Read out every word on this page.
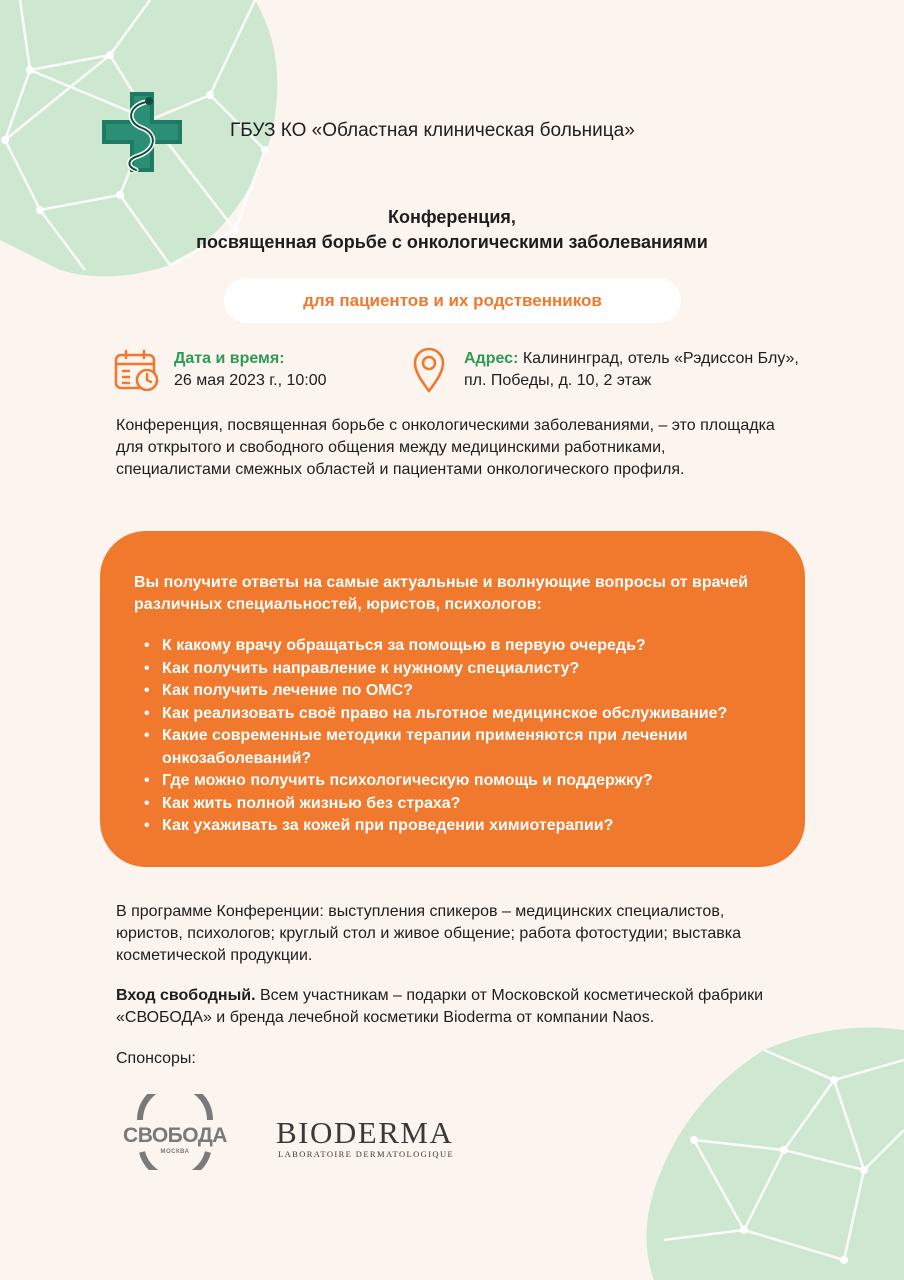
ГБУЗ КО «Областная клиническая больница»
Конференция,
посвященная борьбе с онкологическими заболеваниями
для пациентов и их родственников
Дата и время:
26 мая 2023 г., 10:00
Адрес: Калининград, отель «Рэдиссон Блу», пл. Победы, д. 10, 2 этаж
Конференция, посвященная борьбе с онкологическими заболеваниями, – это площадка для открытого и свободного общения между медицинскими работниками, специалистами смежных областей и пациентами онкологического профиля.
Вы получите ответы на самые актуальные и волнующие вопросы от врачей различных специальностей, юристов, психологов:
• К какому врачу обращаться за помощью в первую очередь?
• Как получить направление к нужному специалисту?
• Как получить лечение по ОМС?
• Как реализовать своё право на льготное медицинское обслуживание?
• Какие современные методики терапии применяются при лечении онкозаболеваний?
• Где можно получить психологическую помощь и поддержку?
• Как жить полной жизнью без страха?
• Как ухаживать за кожей при проведении химиотерапии?
В программе Конференции: выступления спикеров – медицинских специалистов, юристов, психологов; круглый стол и живое общение; работа фотостудии; выставка косметической продукции.
Вход свободный. Всем участникам – подарки от Московской косметической фабрики «СВОБОДА» и бренда лечебной косметики Bioderma от компании Naos.
Спонсоры:
СВОБОДА
МОСКВА
BIODERMA
LABORATOIRE DERMATOLOGIQUE
